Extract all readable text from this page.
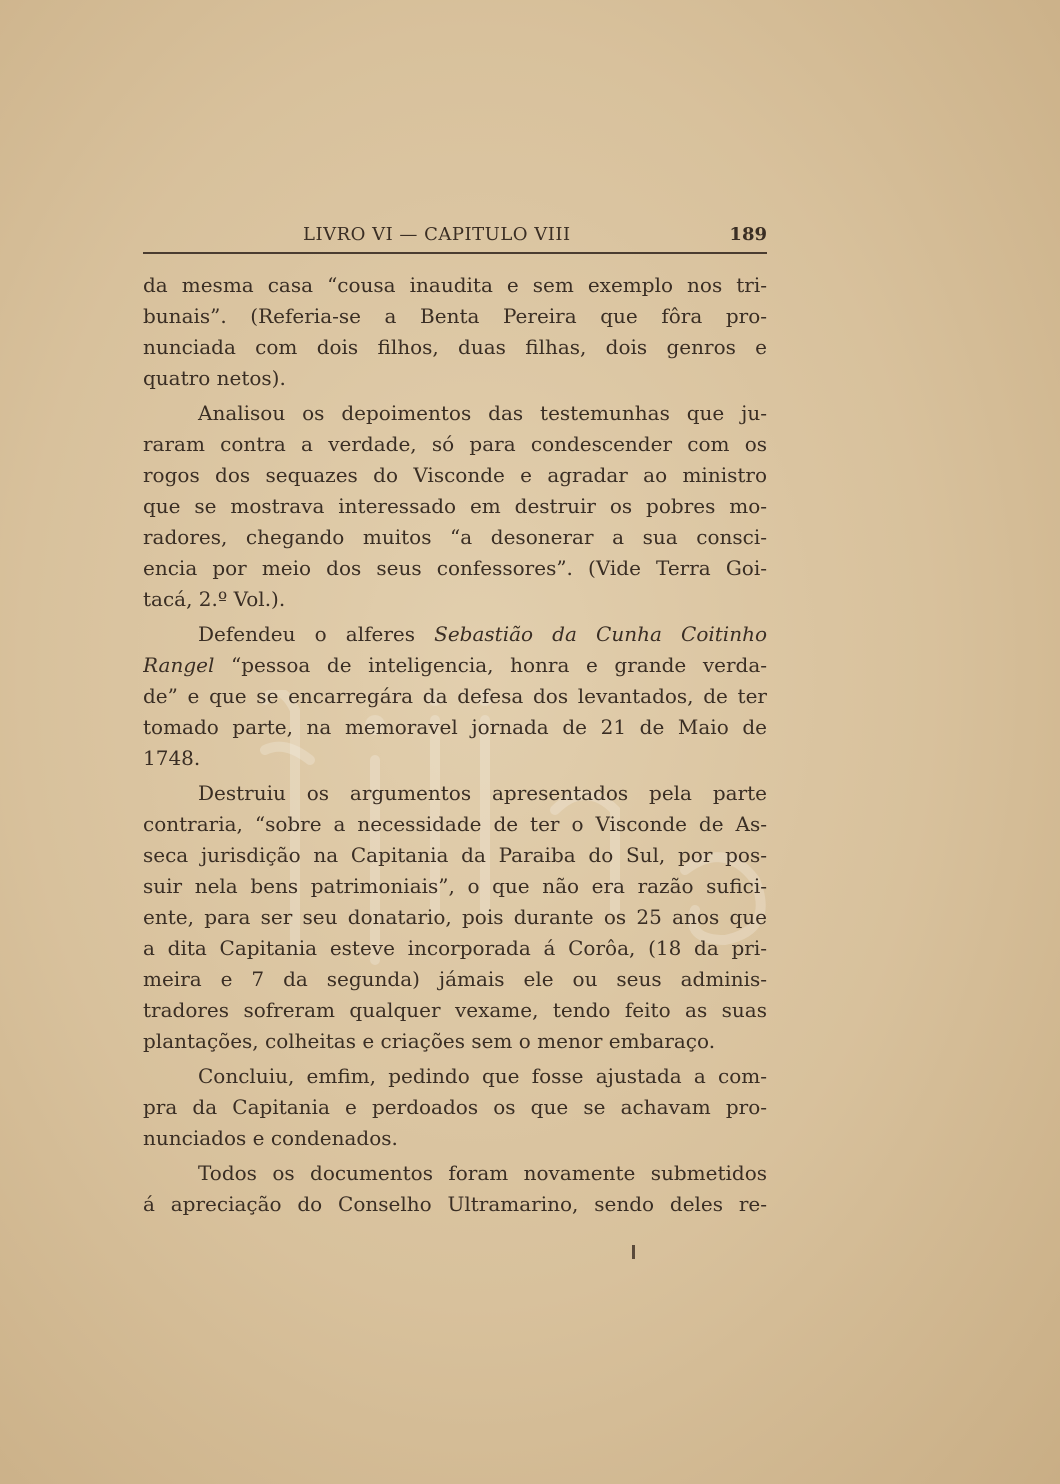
LIVRO VI — CAPITULO VIII	189
da mesma casa “cousa inaudita e sem exemplo nos tri-
bunais”. (Referia-se a Benta Pereira que fôra pro-
nunciada com dois filhos, duas filhas, dois genros e
quatro netos).
Analisou os depoimentos das testemunhas que ju-
raram contra a verdade, só para condescender com os
rogos dos sequazes do Visconde e agradar ao ministro
que se mostrava interessado em destruir os pobres mo-
radores, chegando muitos “a desonerar a sua consci-
encia por meio dos seus confessores”. (Vide Terra Goi-
tacá, 2.º Vol.).
Defendeu o alferes Sebastião da Cunha Coitinho
Rangel “pessoa de inteligencia, honra e grande verda-
de” e que se encarregára da defesa dos levantados, de ter
tomado parte, na memoravel jornada de 21 de Maio de
1748.
Destruiu os argumentos apresentados pela parte
contraria, “sobre a necessidade de ter o Visconde de As-
seca jurisdição na Capitania da Paraiba do Sul, por pos-
suir nela bens patrimoniais”, o que não era razão sufici-
ente, para ser seu donatario, pois durante os 25 anos que
a dita Capitania esteve incorporada á Corôa, (18 da pri-
meira e 7 da segunda) jámais ele ou seus adminis-
tradores sofreram qualquer vexame, tendo feito as suas
plantações, colheitas e criações sem o menor embaraço.
Concluiu, emfim, pedindo que fosse ajustada a com-
pra da Capitania e perdoados os que se achavam pro-
nunciados e condenados.
Todos os documentos foram novamente submetidos
á apreciação do Conselho Ultramarino, sendo deles re-
